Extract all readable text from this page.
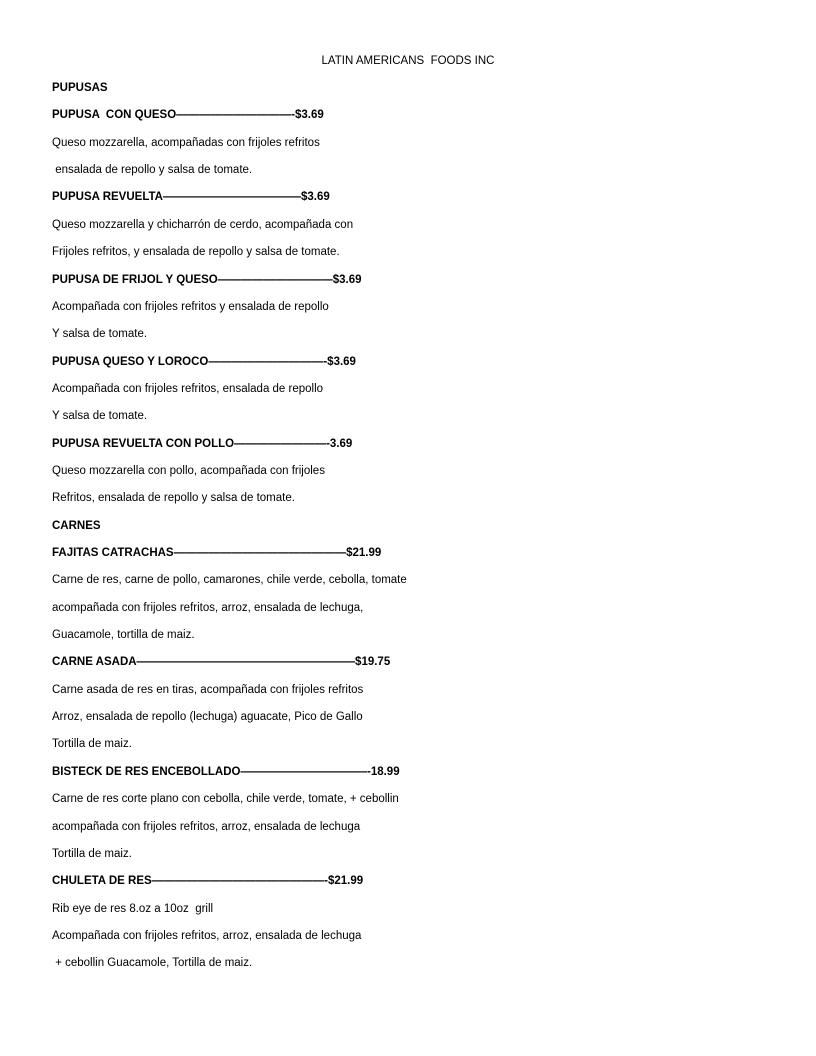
LATIN AMERICANS  FOODS INC
PUPUSAS
PUPUSA  CON QUESO——————————-$3.69
Queso mozzarella, acompañadas con frijoles refritos
ensalada de repollo y salsa de tomate.
PUPUSA REVUELTA————————————$3.69
Queso mozzarella y chicharrón de cerdo, acompañada con
Frijoles refritos, y ensalada de repollo y salsa de tomate.
PUPUSA DE FRIJOL Y QUESO——————————$3.69
Acompañada con frijoles refritos y ensalada de repollo
Y salsa de tomate.
PUPUSA QUESO Y LOROCO——————————-$3.69
Acompañada con frijoles refritos, ensalada de repollo
Y salsa de tomate.
PUPUSA REVUELTA CON POLLO————————-3.69
Queso mozzarella con pollo, acompañada con frijoles
Refritos, ensalada de repollo y salsa de tomate.
CARNES
FAJITAS CATRACHAS———————————————$21.99
Carne de res, carne de pollo, camarones, chile verde, cebolla, tomate
acompañada con frijoles refritos, arroz, ensalada de lechuga,
Guacamole, tortilla de maiz.
CARNE ASADA———————————————————$19.75
Carne asada de res en tiras, acompañada con frijoles refritos
Arroz, ensalada de repollo (lechuga) aguacate, Pico de Gallo
Tortilla de maiz.
BISTECK DE RES ENCEBOLLADO———————————-18.99
Carne de res corte plano con cebolla, chile verde, tomate, + cebollin
acompañada con frijoles refritos, arroz, ensalada de lechuga
Tortilla de maiz.
CHULETA DE RES———————————————-$21.99
Rib eye de res 8.oz a 10oz  grill
Acompañada con frijoles refritos, arroz, ensalada de lechuga
+ cebollin Guacamole, Tortilla de maiz.
